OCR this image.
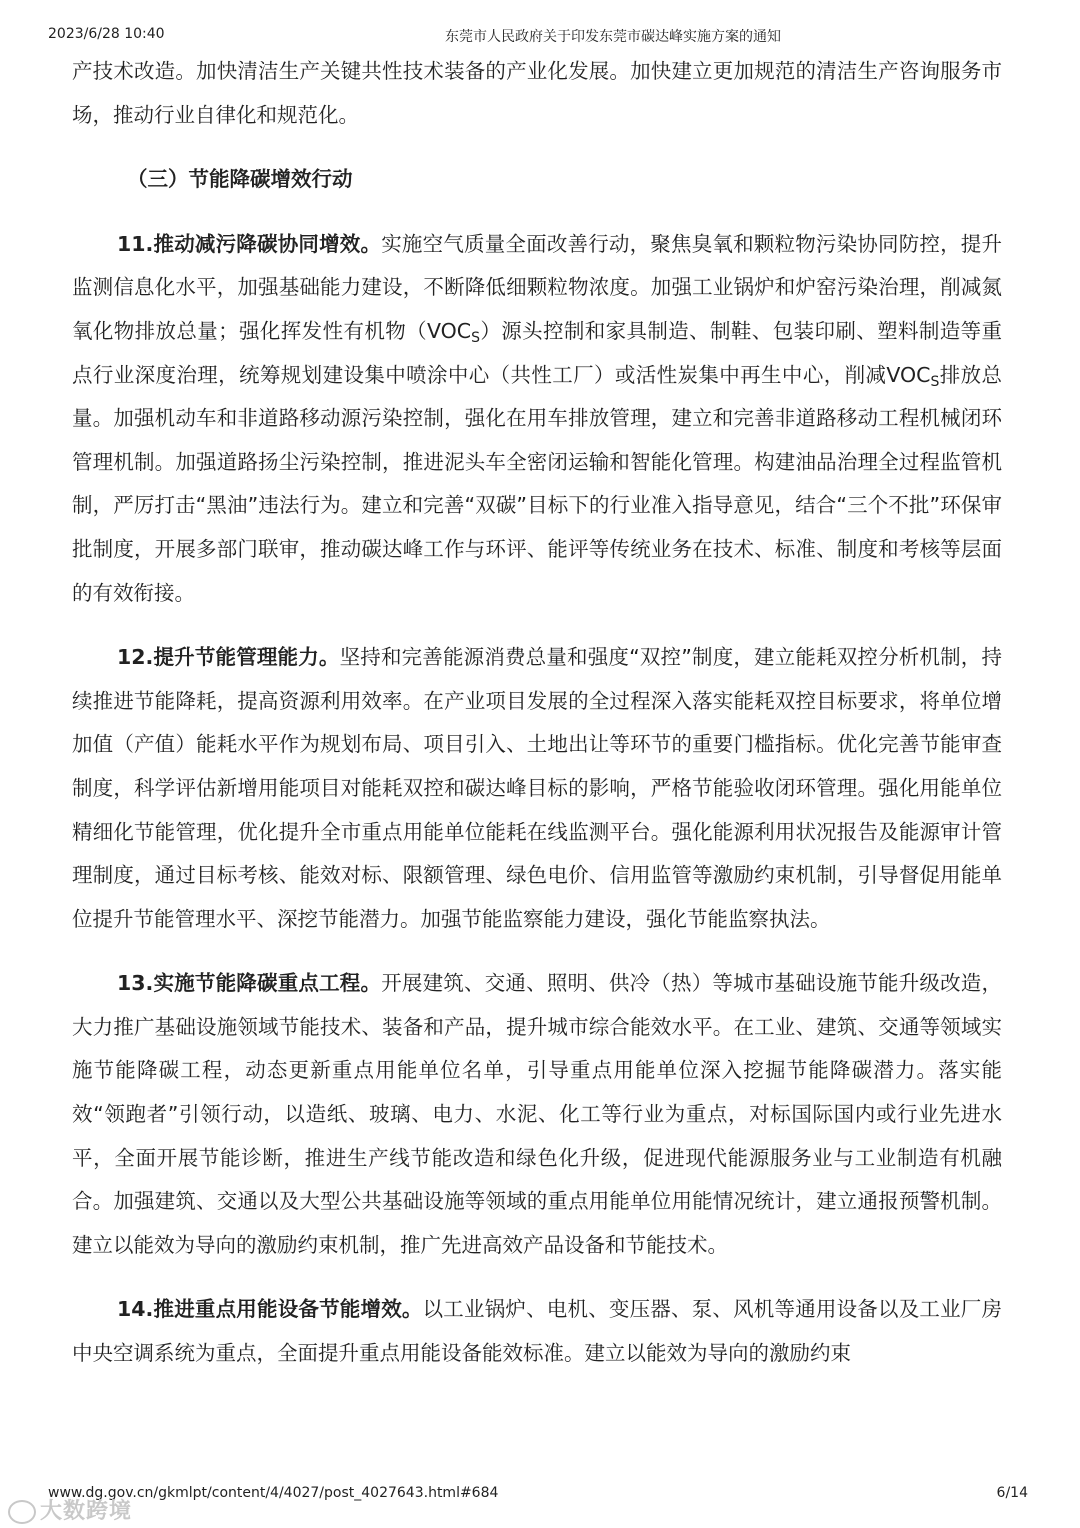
2023/6/28 10:40	东莞市人民政府关于印发东莞市碳达峰实施方案的通知

产技术改造。加快清洁生产关键共性技术装备的产业化发展。加快建立更加规范的清洁生产咨询服务市场，推动行业自律化和规范化。

（三）节能降碳增效行动

11.推动减污降碳协同增效。实施空气质量全面改善行动，聚焦臭氧和颗粒物污染协同防控，提升监测信息化水平，加强基础能力建设，不断降低细颗粒物浓度。加强工业锅炉和炉窑污染治理，削减氮氧化物排放总量；强化挥发性有机物$(VOC_S)$源头控制和家具制造、制鞋、包装印刷、塑料制造等重点行业深度治理，统筹规划建设集中喷涂中心（共性工厂）或活性炭集中再生中心，削减$VOC_S$排放总量。加强机动车和非道路移动源污染控制，强化在用车排放管理，建立和完善非道路移动工程机械闭环管理机制。加强道路扬尘污染控制，推进泥头车全密闭运输和智能化管理。构建油品治理全过程监管机制，严厉打击“黑油”违法行为。建立和完善“双碳”目标下的行业准入指导意见，结合“三个不批”环保审批制度，开展多部门联审，推动碳达峰工作与环评、能评等传统业务在技术、标准、制度和考核等层面的有效衔接。

12.提升节能管理能力。坚持和完善能源消费总量和强度“双控”制度，建立能耗双控分析机制，持续推进节能降耗，提高资源利用效率。在产业项目发展的全过程深入落实能耗双控目标要求，将单位增加值（产值）能耗水平作为规划布局、项目引入、土地出让等环节的重要门槛指标。优化完善节能审查制度，科学评估新增用能项目对能耗双控和碳达峰目标的影响，严格节能验收闭环管理。强化用能单位精细化节能管理，优化提升全市重点用能单位能耗在线监测平台。强化能源利用状况报告及能源审计管理制度，通过目标考核、能效对标、限额管理、绿色电价、信用监管等激励约束机制，引导督促用能单位提升节能管理水平、深挖节能潜力。加强节能监察能力建设，强化节能监察执法。

13.实施节能降碳重点工程。开展建筑、交通、照明、供冷（热）等城市基础设施节能升级改造，大力推广基础设施领域节能技术、装备和产品，提升城市综合能效水平。在工业、建筑、交通等领域实施节能降碳工程，动态更新重点用能单位名单，引导重点用能单位深入挖掘节能降碳潜力。落实能效“领跑者”引领行动，以造纸、玻璃、电力、水泥、化工等行业为重点，对标国际国内或行业先进水平，全面开展节能诊断，推进生产线节能改造和绿色化升级，促进现代能源服务业与工业制造有机融合。加强建筑、交通以及大型公共基础设施等领域的重点用能单位用能情况统计，建立通报预警机制。建立以能效为导向的激励约束机制，推广先进高效产品设备和节能技术。

14.推进重点用能设备节能增效。以工业锅炉、电机、变压器、泵、风机等通用设备以及工业厂房中央空调系统为重点，全面提升重点用能设备能效标准。建立以能效为导向的激励约束

www.dg.gov.cn/gkmlpt/content/4/4027/post_4027643.html#684	6/14
大数跨境
